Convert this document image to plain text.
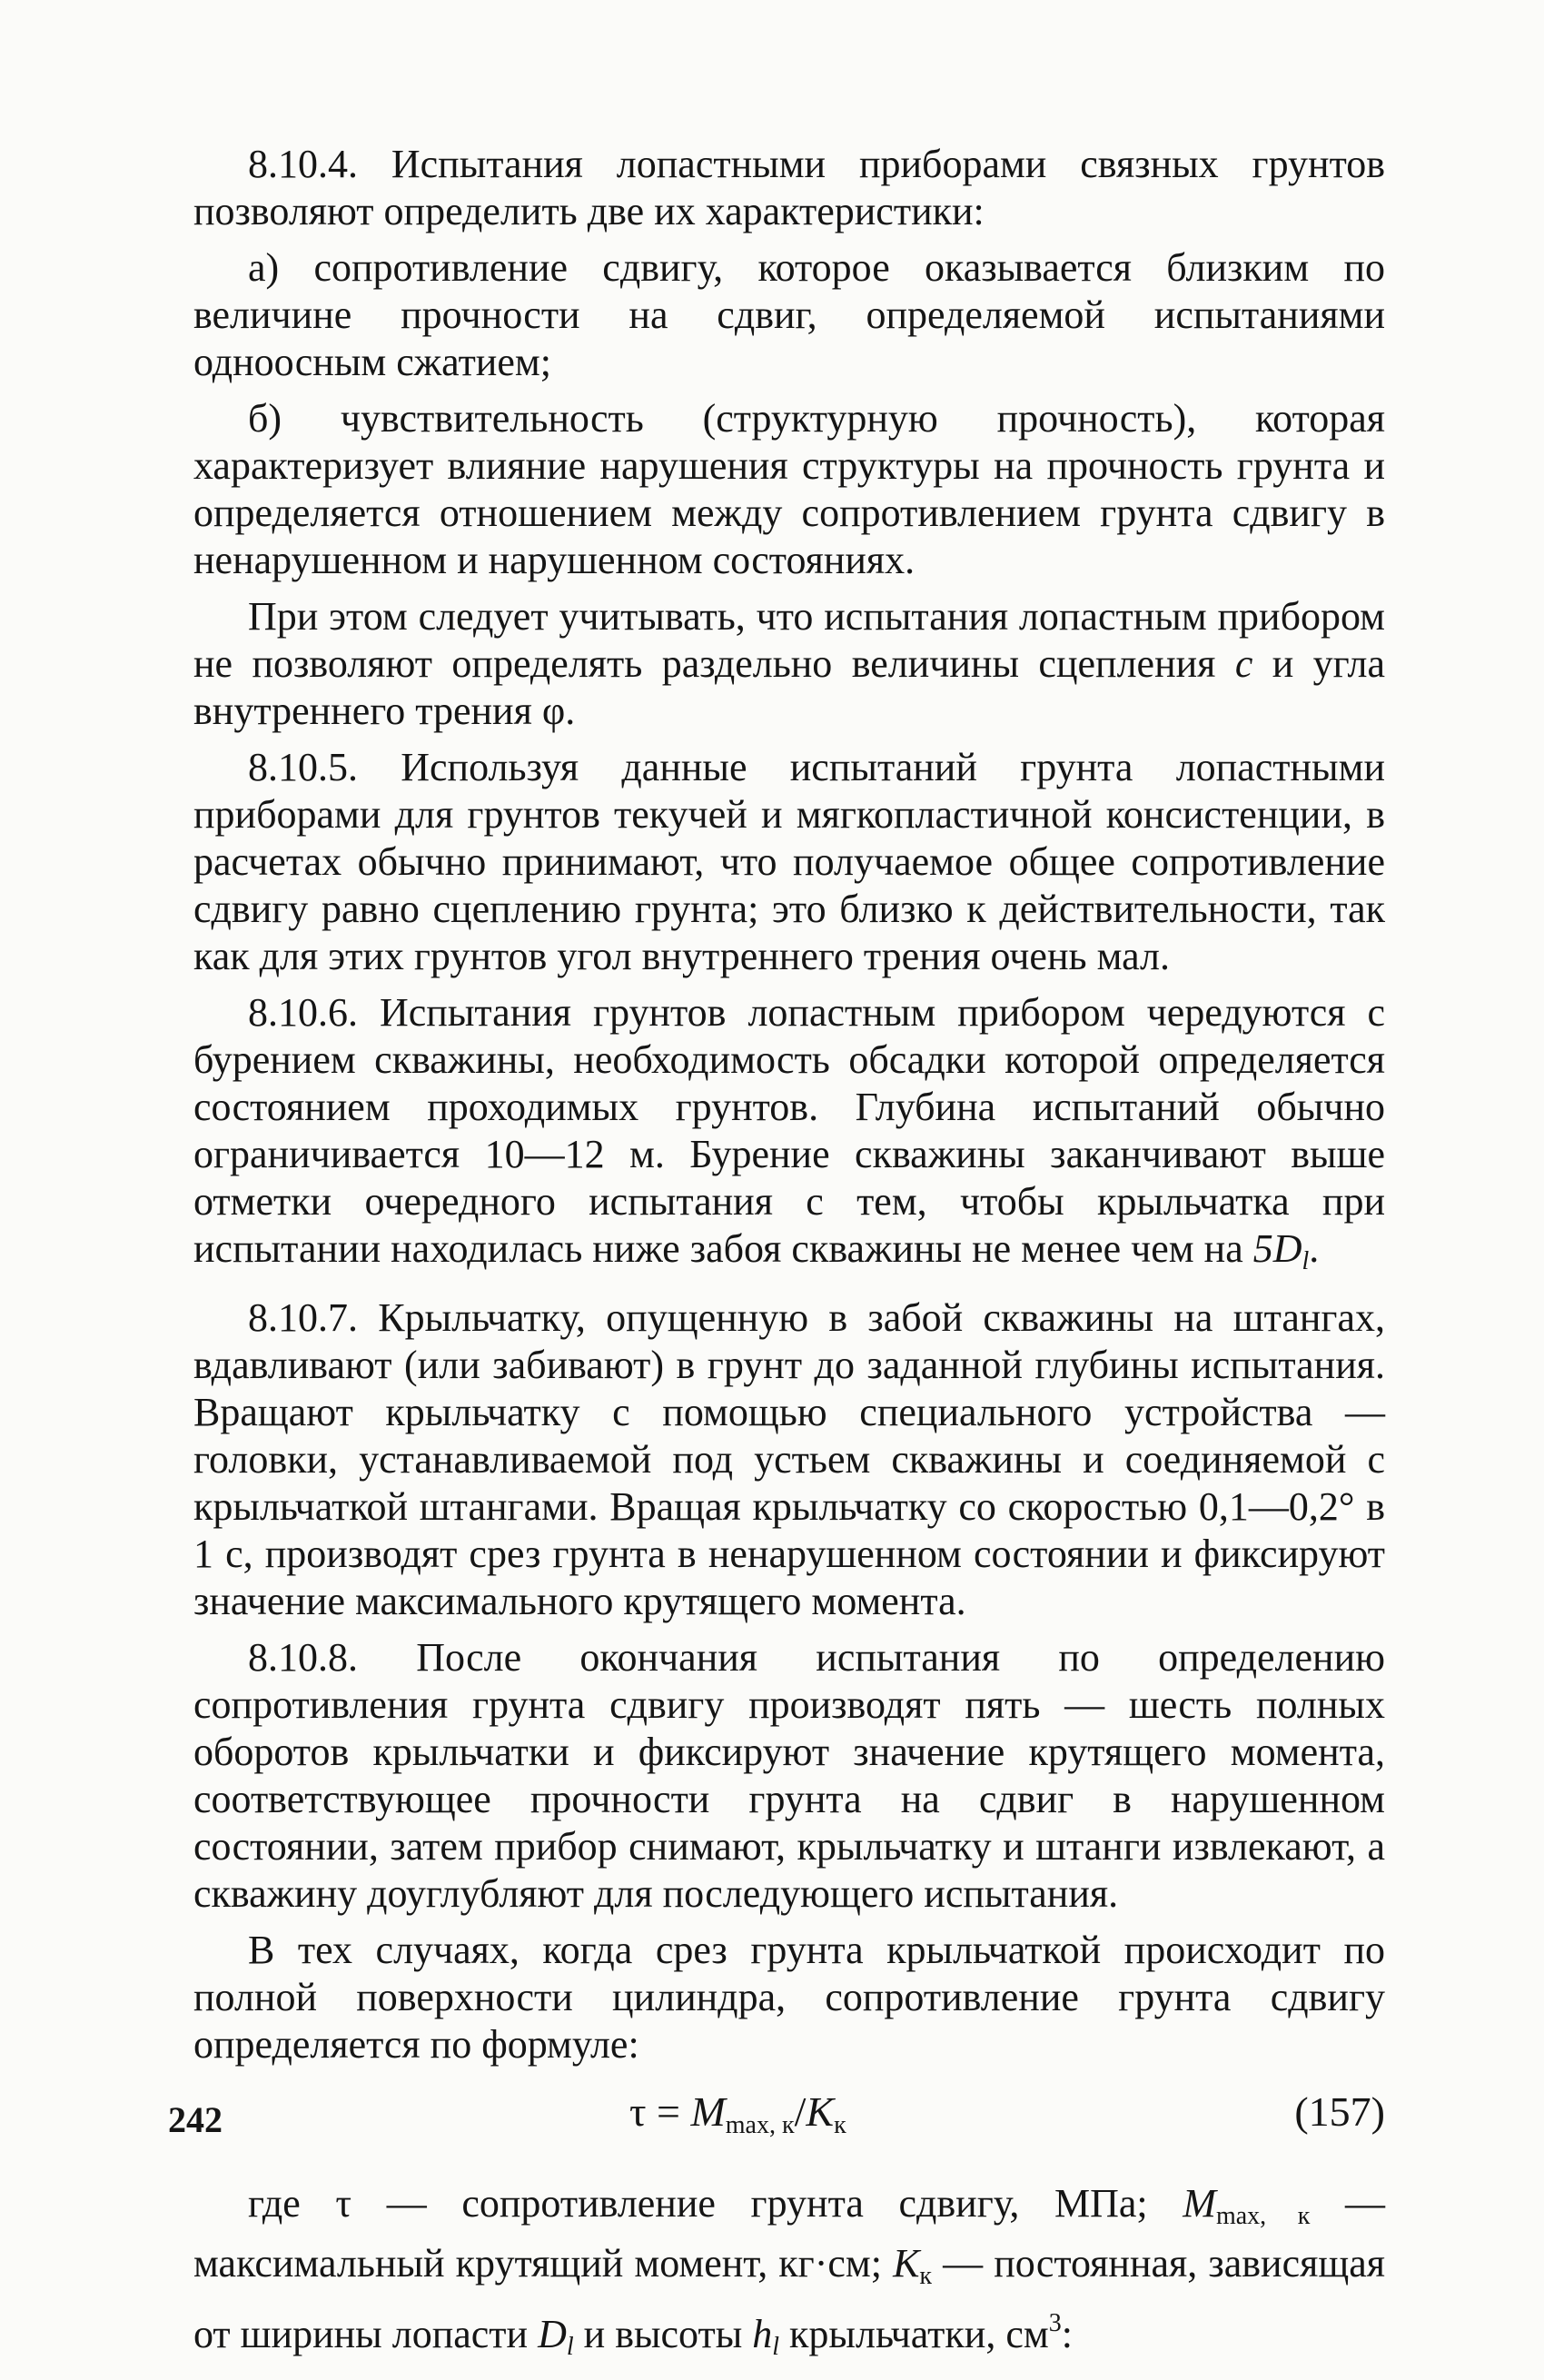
8.10.4. Испытания лопастными приборами связных грунтов позволяют определить две их характеристики:

а) сопротивление сдвигу, которое оказывается близким по величине прочности на сдвиг, определяемой испытаниями одноосным сжатием;

б) чувствительность (структурную прочность), которая характеризует влияние нарушения структуры на прочность грунта и определяется отношением между сопротивлением грунта сдвигу в ненарушенном и нарушенном состояниях.

При этом следует учитывать, что испытания лопастным прибором не позволяют определять раздельно величины сцепления c и угла внутреннего трения φ.

8.10.5. Используя данные испытаний грунта лопастными приборами для грунтов текучей и мягкопластичной консистенции, в расчетах обычно принимают, что получаемое общее сопротивление сдвигу равно сцеплению грунта; это близко к действительности, так как для этих грунтов угол внутреннего трения очень мал.

8.10.6. Испытания грунтов лопастным прибором чередуются с бурением скважины, необходимость обсадки которой определяется состоянием проходимых грунтов. Глубина испытаний обычно ограничивается 10—12 м. Бурение скважины заканчивают выше отметки очередного испытания с тем, чтобы крыльчатка при испытании находилась ниже забоя скважины не менее чем на $5D_l$.

8.10.7. Крыльчатку, опущенную в забой скважины на штангах, вдавливают (или забивают) в грунт до заданной глубины испытания. Вращают крыльчатку с помощью специального устройства — головки, устанавливаемой под устьем скважины и соединяемой с крыльчаткой штангами. Вращая крыльчатку со скоростью 0,1—0,2° в 1 с, производят срез грунта в ненарушенном состоянии и фиксируют значение максимального крутящего момента.

8.10.8. После окончания испытания по определению сопротивления грунта сдвигу производят пять — шесть полных оборотов крыльчатки и фиксируют значение крутящего момента, соответствующее прочности грунта на сдвиг в нарушенном состоянии, затем прибор снимают, крыльчатку и штанги извлекают, а скважину доуглубляют для последующего испытания.

В тех случаях, когда срез грунта крыльчаткой происходит по полной поверхности цилиндра, сопротивление грунта сдвигу определяется по формуле:

$\tau = M_{max, к}/K_к$	(157)

где τ — сопротивление грунта сдвигу, МПа; $M_{max, к}$ — максимальный крутящий момент, кг·см; $K_к$ — постоянная, зависящая от ширины лопасти $D_l$ и высоты $h_l$ крыльчатки, $см^3$:

242
